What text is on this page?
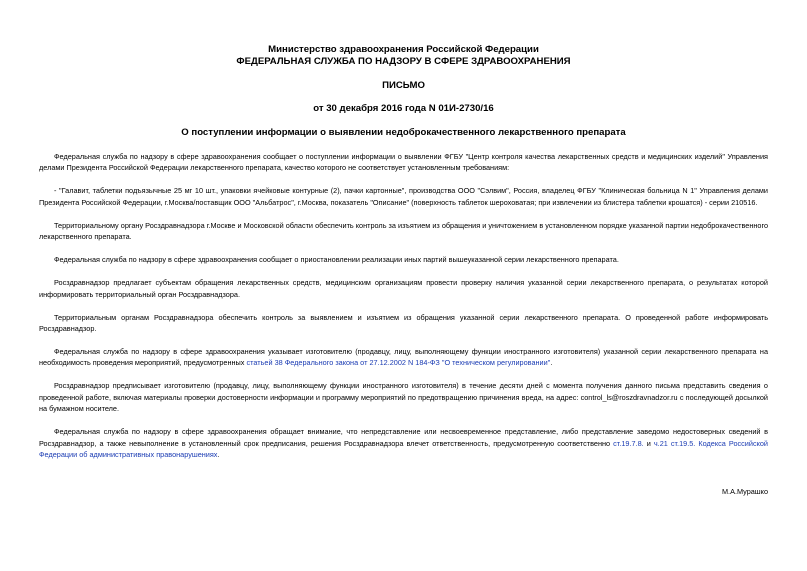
Министерство здравоохранения Российской Федерации
ФЕДЕРАЛЬНАЯ СЛУЖБА ПО НАДЗОРУ В СФЕРЕ ЗДРАВООХРАНЕНИЯ
ПИСЬМО
от 30 декабря 2016 года N 01И-2730/16
О поступлении информации о выявлении недоброкачественного лекарственного препарата

Федеральная служба по надзору в сфере здравоохранения сообщает о поступлении информации о выявлении ФГБУ "Центр контроля качества лекарственных средств и медицинских изделий" Управления делами Президента Российской Федерации лекарственного препарата, качество которого не соответствует установленным требованиям:

- "Галавит, таблетки подъязычные 25 мг 10 шт., упаковки ячейковые контурные (2), пачки картонные", производства ООО "Сэлвим", Россия, владелец ФГБУ "Клиническая больница N 1" Управления делами Президента Российской Федерации, г.Москва/поставщик ООО "Альбатрос", г.Москва, показатель "Описание" (поверхность таблеток шероховатая; при извлечении из блистера таблетки крошатся) - серии 210516.

Территориальному органу Росздравнадзора г.Москве и Московской области обеспечить контроль за изъятием из обращения и уничтожением в установленном порядке указанной партии недоброкачественного лекарственного препарата.

Федеральная служба по надзору в сфере здравоохранения сообщает о приостановлении реализации иных партий вышеуказанной серии лекарственного препарата.

Росздравнадзор предлагает субъектам обращения лекарственных средств, медицинским организациям провести проверку наличия указанной серии лекарственного препарата, о результатах которой информировать территориальный орган Росздравнадзора.

Территориальным органам Росздравнадзора обеспечить контроль за выявлением и изъятием из обращения указанной серии лекарственного препарата. О проведенной работе информировать Росздравнадзор.

Федеральная служба по надзору в сфере здравоохранения указывает изготовителю (продавцу, лицу, выполняющему функции иностранного изготовителя) указанной серии лекарственного препарата на необходимость проведения мероприятий, предусмотренных статьей 38 Федерального закона от 27.12.2002 N 184-ФЗ "О техническом регулировании".

Росздравнадзор предписывает изготовителю (продавцу, лицу, выполняющему функции иностранного изготовителя) в течение десяти дней с момента получения данного письма представить сведения о проведенной работе, включая материалы проверки достоверности информации и программу мероприятий по предотвращению причинения вреда, на адрес: control_ls@roszdravnadzor.ru с последующей досылкой на бумажном носителе.

Федеральная служба по надзору в сфере здравоохранения обращает внимание, что непредставление или несвоевременное представление, либо представление заведомо недостоверных сведений в Росздравнадзор, а также невыполнение в установленный срок предписания, решения Росздравнадзора влечет ответственность, предусмотренную соответственно ст.19.7.8. и ч.21 ст.19.5. Кодекса Российской Федерации об административных правонарушениях.

М.А.Мурашко
